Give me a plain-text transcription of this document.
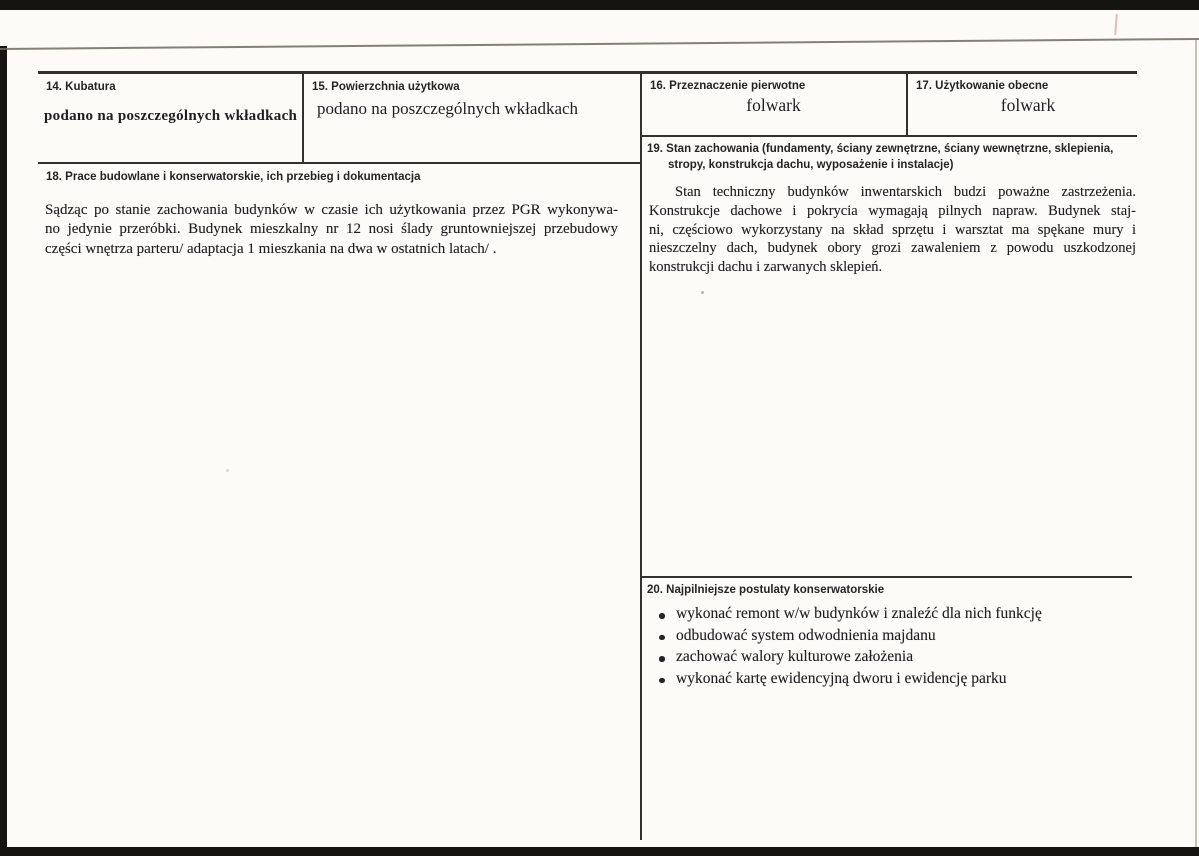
14. Kubatura
podano na poszczególnych wkładkach
15. Powierzchnia użytkowa
podano na poszczególnych wkładkach
16. Przeznaczenie pierwotne
folwark
17. Użytkowanie obecne
folwark
18. Prace budowlane i konserwatorskie, ich przebieg i dokumentacja
Sądząc po stanie zachowania budynków w czasie ich użytkowania przez PGR wykonywa-
no jedynie przeróbki. Budynek mieszkalny nr 12 nosi ślady gruntowniejszej przebudowy
części wnętrza parteru/ adaptacja 1 mieszkania na dwa w ostatnich latach/ .
19. Stan zachowania (fundamenty, ściany zewnętrzne, ściany wewnętrzne, sklepienia,
stropy, konstrukcja dachu, wyposażenie i instalacje)
Stan techniczny budynków inwentarskich budzi poważne zastrzeżenia.
Konstrukcje dachowe i pokrycia wymagają pilnych napraw. Budynek staj-
ni, częściowo wykorzystany na skład sprzętu i warsztat ma spękane mury i
nieszczelny dach, budynek obory grozi zawaleniem z powodu uszkodzonej
konstrukcji dachu i zarwanych sklepień.
20. Najpilniejsze postulaty konserwatorskie
wykonać remont w/w budynków i znaleźć dla nich funkcję
odbudować system odwodnienia majdanu
zachować walory kulturowe założenia
wykonać kartę ewidencyjną dworu i ewidencję parku
